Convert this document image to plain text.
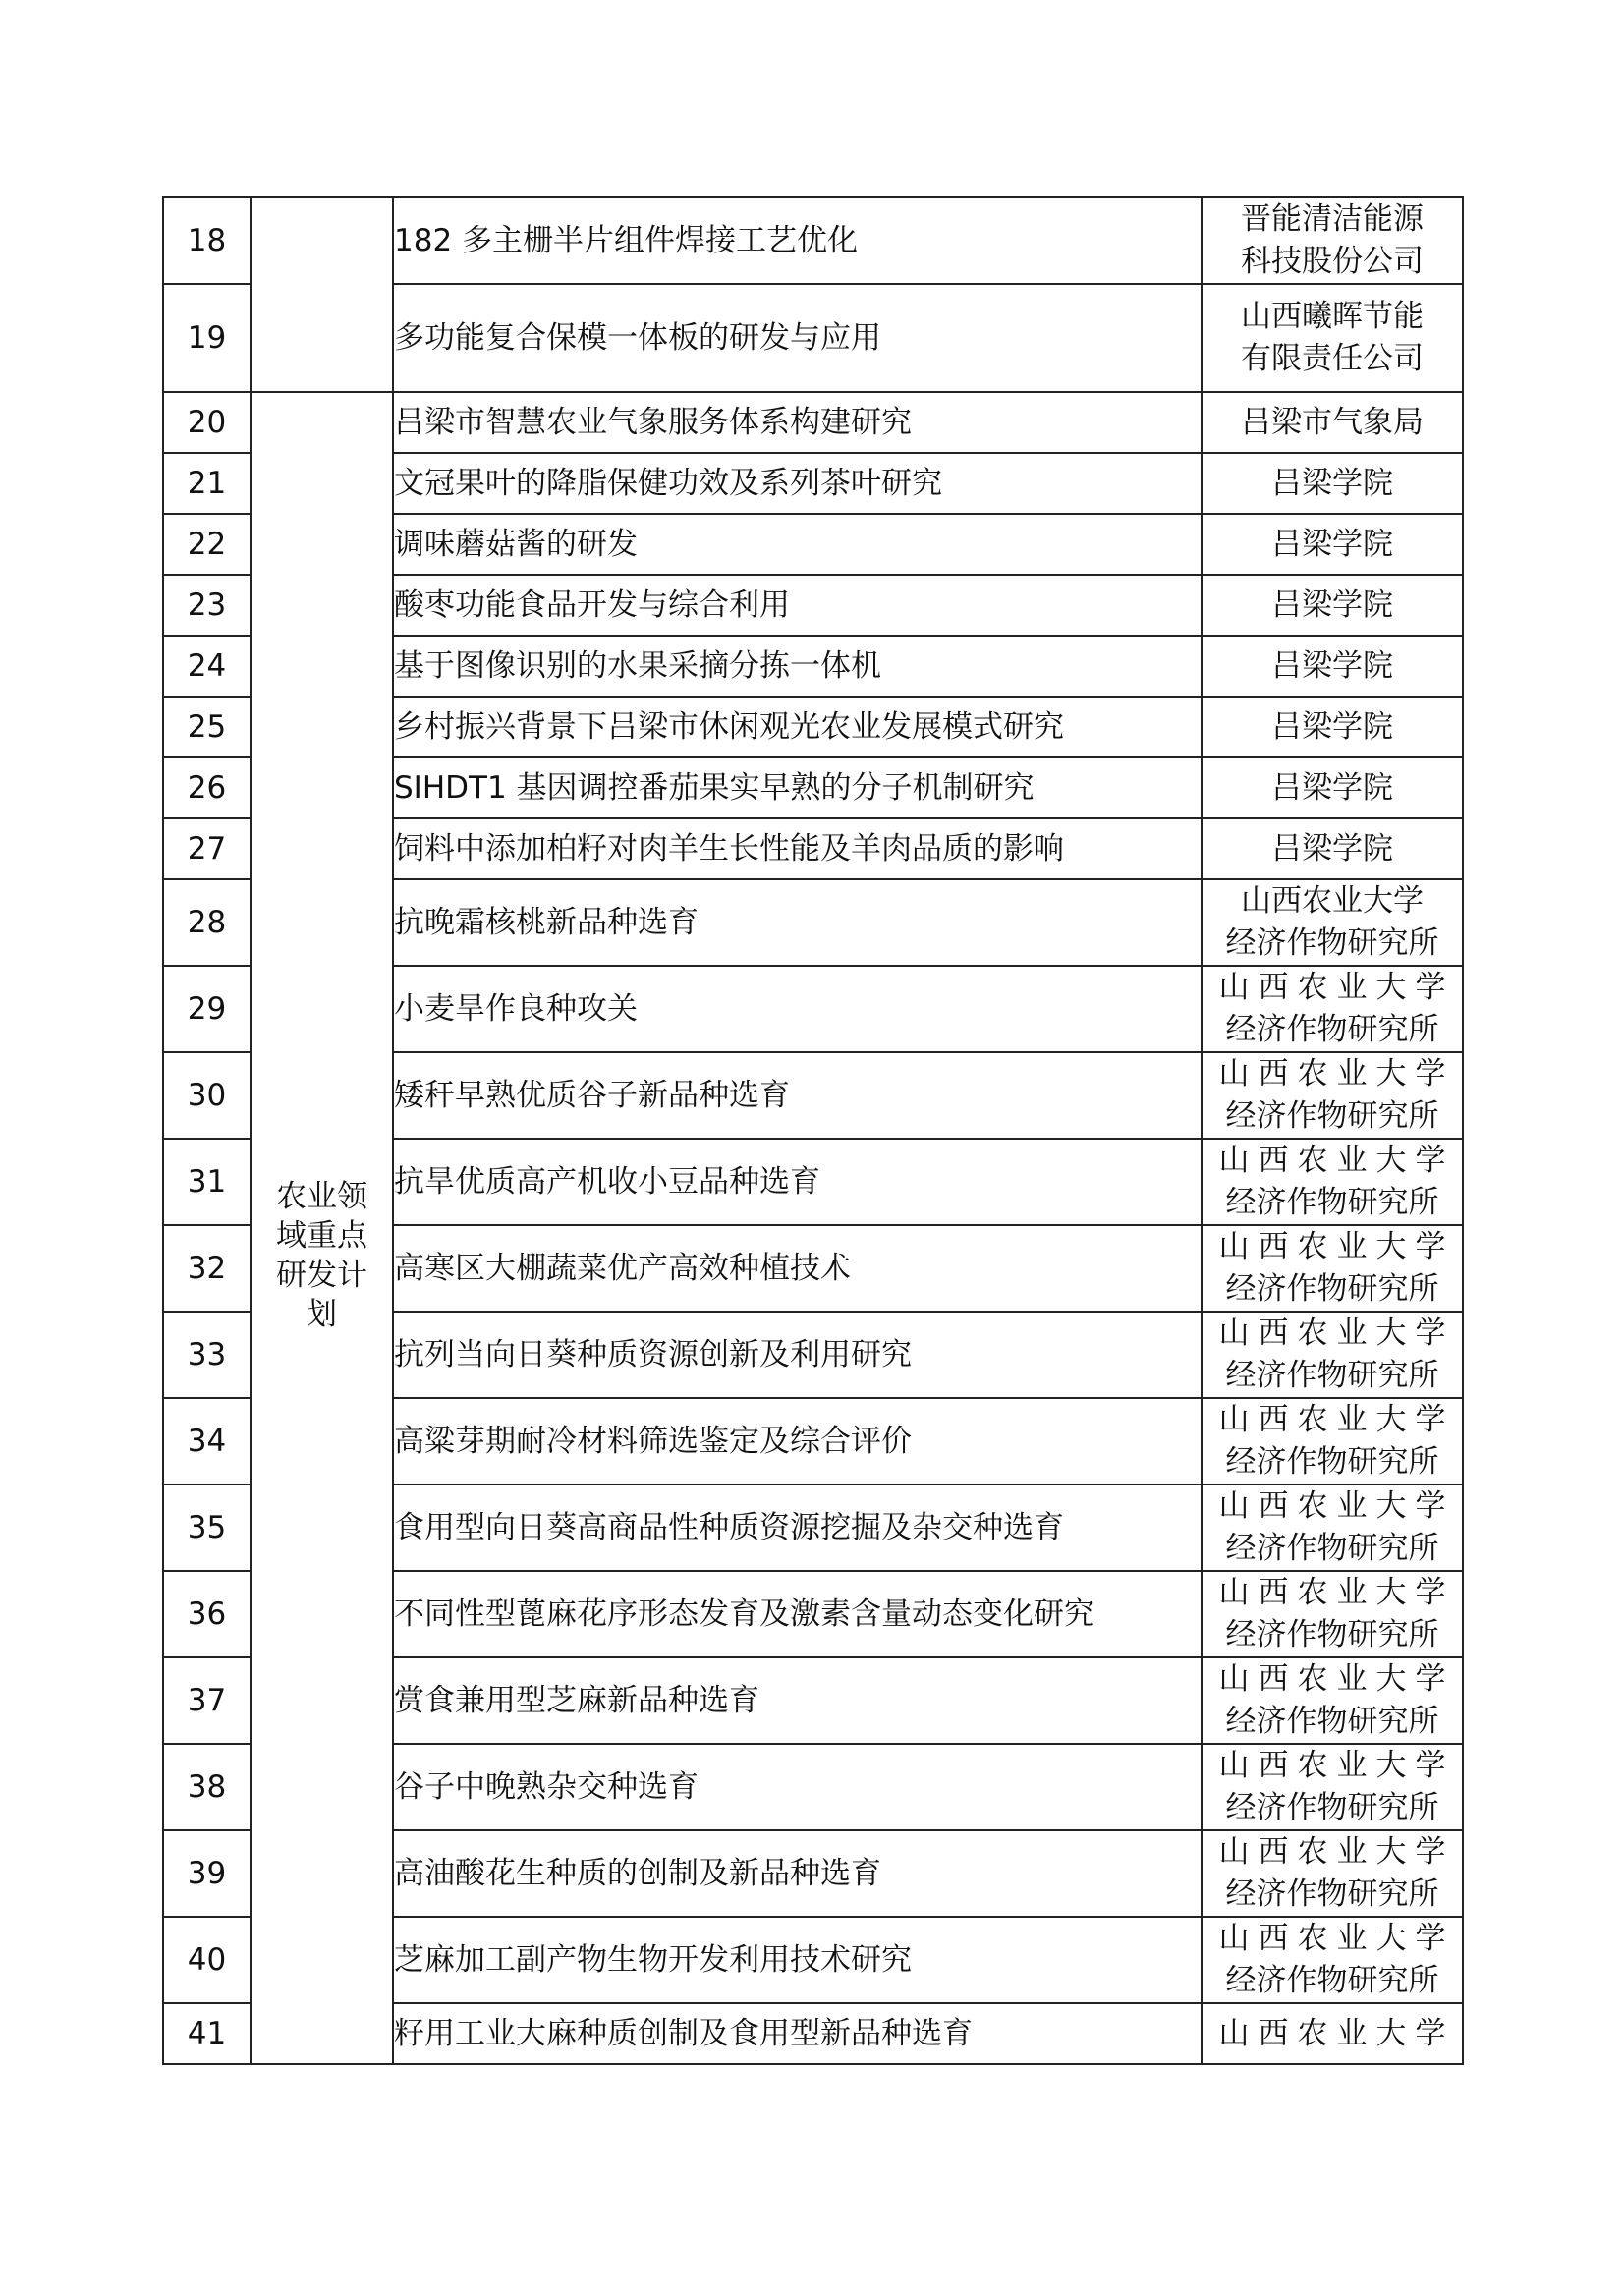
18		182 多主栅半片组件焊接工艺优化	晋能清洁能源
科技股份公司

19		多功能复合保模一体板的研发与应用	山西曦晖节能
有限责任公司

20	农业领域重点研发计划	吕梁市智慧农业气象服务体系构建研究	吕梁市气象局

21		文冠果叶的降脂保健功效及系列茶叶研究	吕梁学院

22		调味蘑菇酱的研发	吕梁学院

23		酸枣功能食品开发与综合利用	吕梁学院

24		基于图像识别的水果采摘分拣一体机	吕梁学院

25		乡村振兴背景下吕梁市休闲观光农业发展模式研究	吕梁学院

26		SIHDT1 基因调控番茄果实早熟的分子机制研究	吕梁学院

27		饲料中添加柏籽对肉羊生长性能及羊肉品质的影响	吕梁学院

28		抗晚霜核桃新品种选育	山西农业大学
经济作物研究所

29		小麦旱作良种攻关	山西农业大学
经济作物研究所

30		矮秆早熟优质谷子新品种选育	山西农业大学
经济作物研究所

31		抗旱优质高产机收小豆品种选育	山西农业大学
经济作物研究所

32		高寒区大棚蔬菜优产高效种植技术	山西农业大学
经济作物研究所

33		抗列当向日葵种质资源创新及利用研究	山西农业大学
经济作物研究所

34		高粱芽期耐冷材料筛选鉴定及综合评价	山西农业大学
经济作物研究所

35		食用型向日葵高商品性种质资源挖掘及杂交种选育	山西农业大学
经济作物研究所

36		不同性型蓖麻花序形态发育及激素含量动态变化研究	山西农业大学
经济作物研究所

37		赏食兼用型芝麻新品种选育	山西农业大学
经济作物研究所

38		谷子中晚熟杂交种选育	山西农业大学
经济作物研究所

39		高油酸花生种质的创制及新品种选育	山西农业大学
经济作物研究所

40		芝麻加工副产物生物开发利用技术研究	山西农业大学
经济作物研究所

41		籽用工业大麻种质创制及食用型新品种选育	山西农业大学
